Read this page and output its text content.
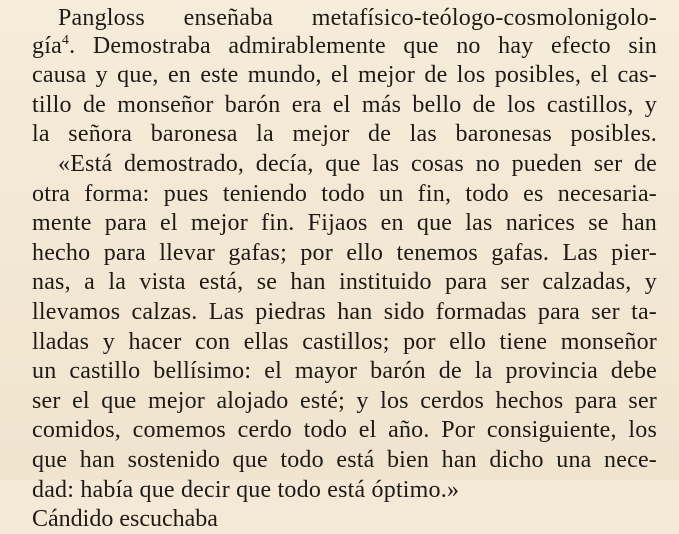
Pangloss enseñaba metafísico-teólogo-cosmolonigolo-
gía$^4$. Demostraba admirablemente que no hay efecto sin
causa y que, en este mundo, el mejor de los posibles, el cas-
tillo de monseñor barón era el más bello de los castillos, y
la señora baronesa la mejor de las baronesas posibles.
«Está demostrado, decía, que las cosas no pueden ser de
otra forma: pues teniendo todo un fin, todo es necesaria-
mente para el mejor fin. Fijaos en que las narices se han
hecho para llevar gafas; por ello tenemos gafas. Las pier-
nas, a la vista está, se han instituido para ser calzadas, y
llevamos calzas. Las piedras han sido formadas para ser ta-
lladas y hacer con ellas castillos; por ello tiene monseñor
un castillo bellísimo: el mayor barón de la provincia debe
ser el que mejor alojado esté; y los cerdos hechos para ser
comidos, comemos cerdo todo el año. Por consiguiente, los
que han sostenido que todo está bien han dicho una nece-
dad: había que decir que todo está óptimo.»
Cándido escuchaba
